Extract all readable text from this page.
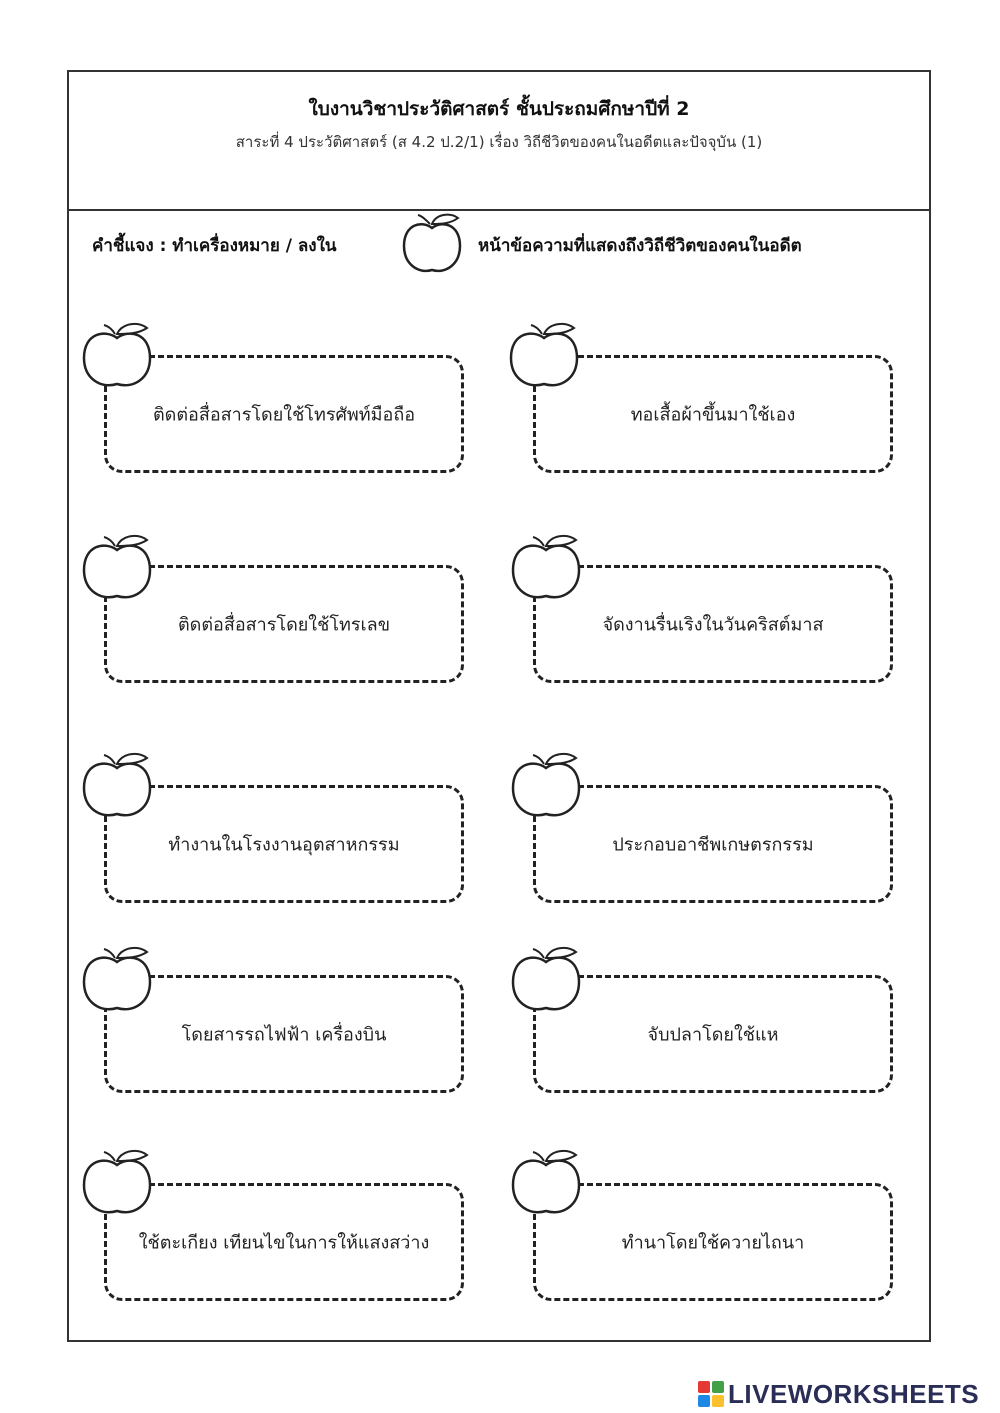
ใบงานวิชาประวัติศาสตร์ ชั้นประถมศึกษาปีที่ 2
สาระที่ 4 ประวัติศาสตร์ (ส 4.2 ป.2/1) เรื่อง วิถีชีวิตของคนในอดีตและปัจจุบัน (1)
คำชี้แจง : ทำเครื่องหมาย / ลงใน	หน้าข้อความที่แสดงถึงวิถีชีวิตของคนในอดีต
ติดต่อสื่อสารโดยใช้โทรศัพท์มือถือ	ทอเสื้อผ้าขึ้นมาใช้เอง
ติดต่อสื่อสารโดยใช้โทรเลข	จัดงานรื่นเริงในวันคริสต์มาส
ทำงานในโรงงานอุตสาหกรรม	ประกอบอาชีพเกษตรกรรม
โดยสารรถไฟฟ้า เครื่องบิน	จับปลาโดยใช้แห
ใช้ตะเกียง เทียนไขในการให้แสงสว่าง	ทำนาโดยใช้ควายไถนา
LIVEWORKSHEETS
